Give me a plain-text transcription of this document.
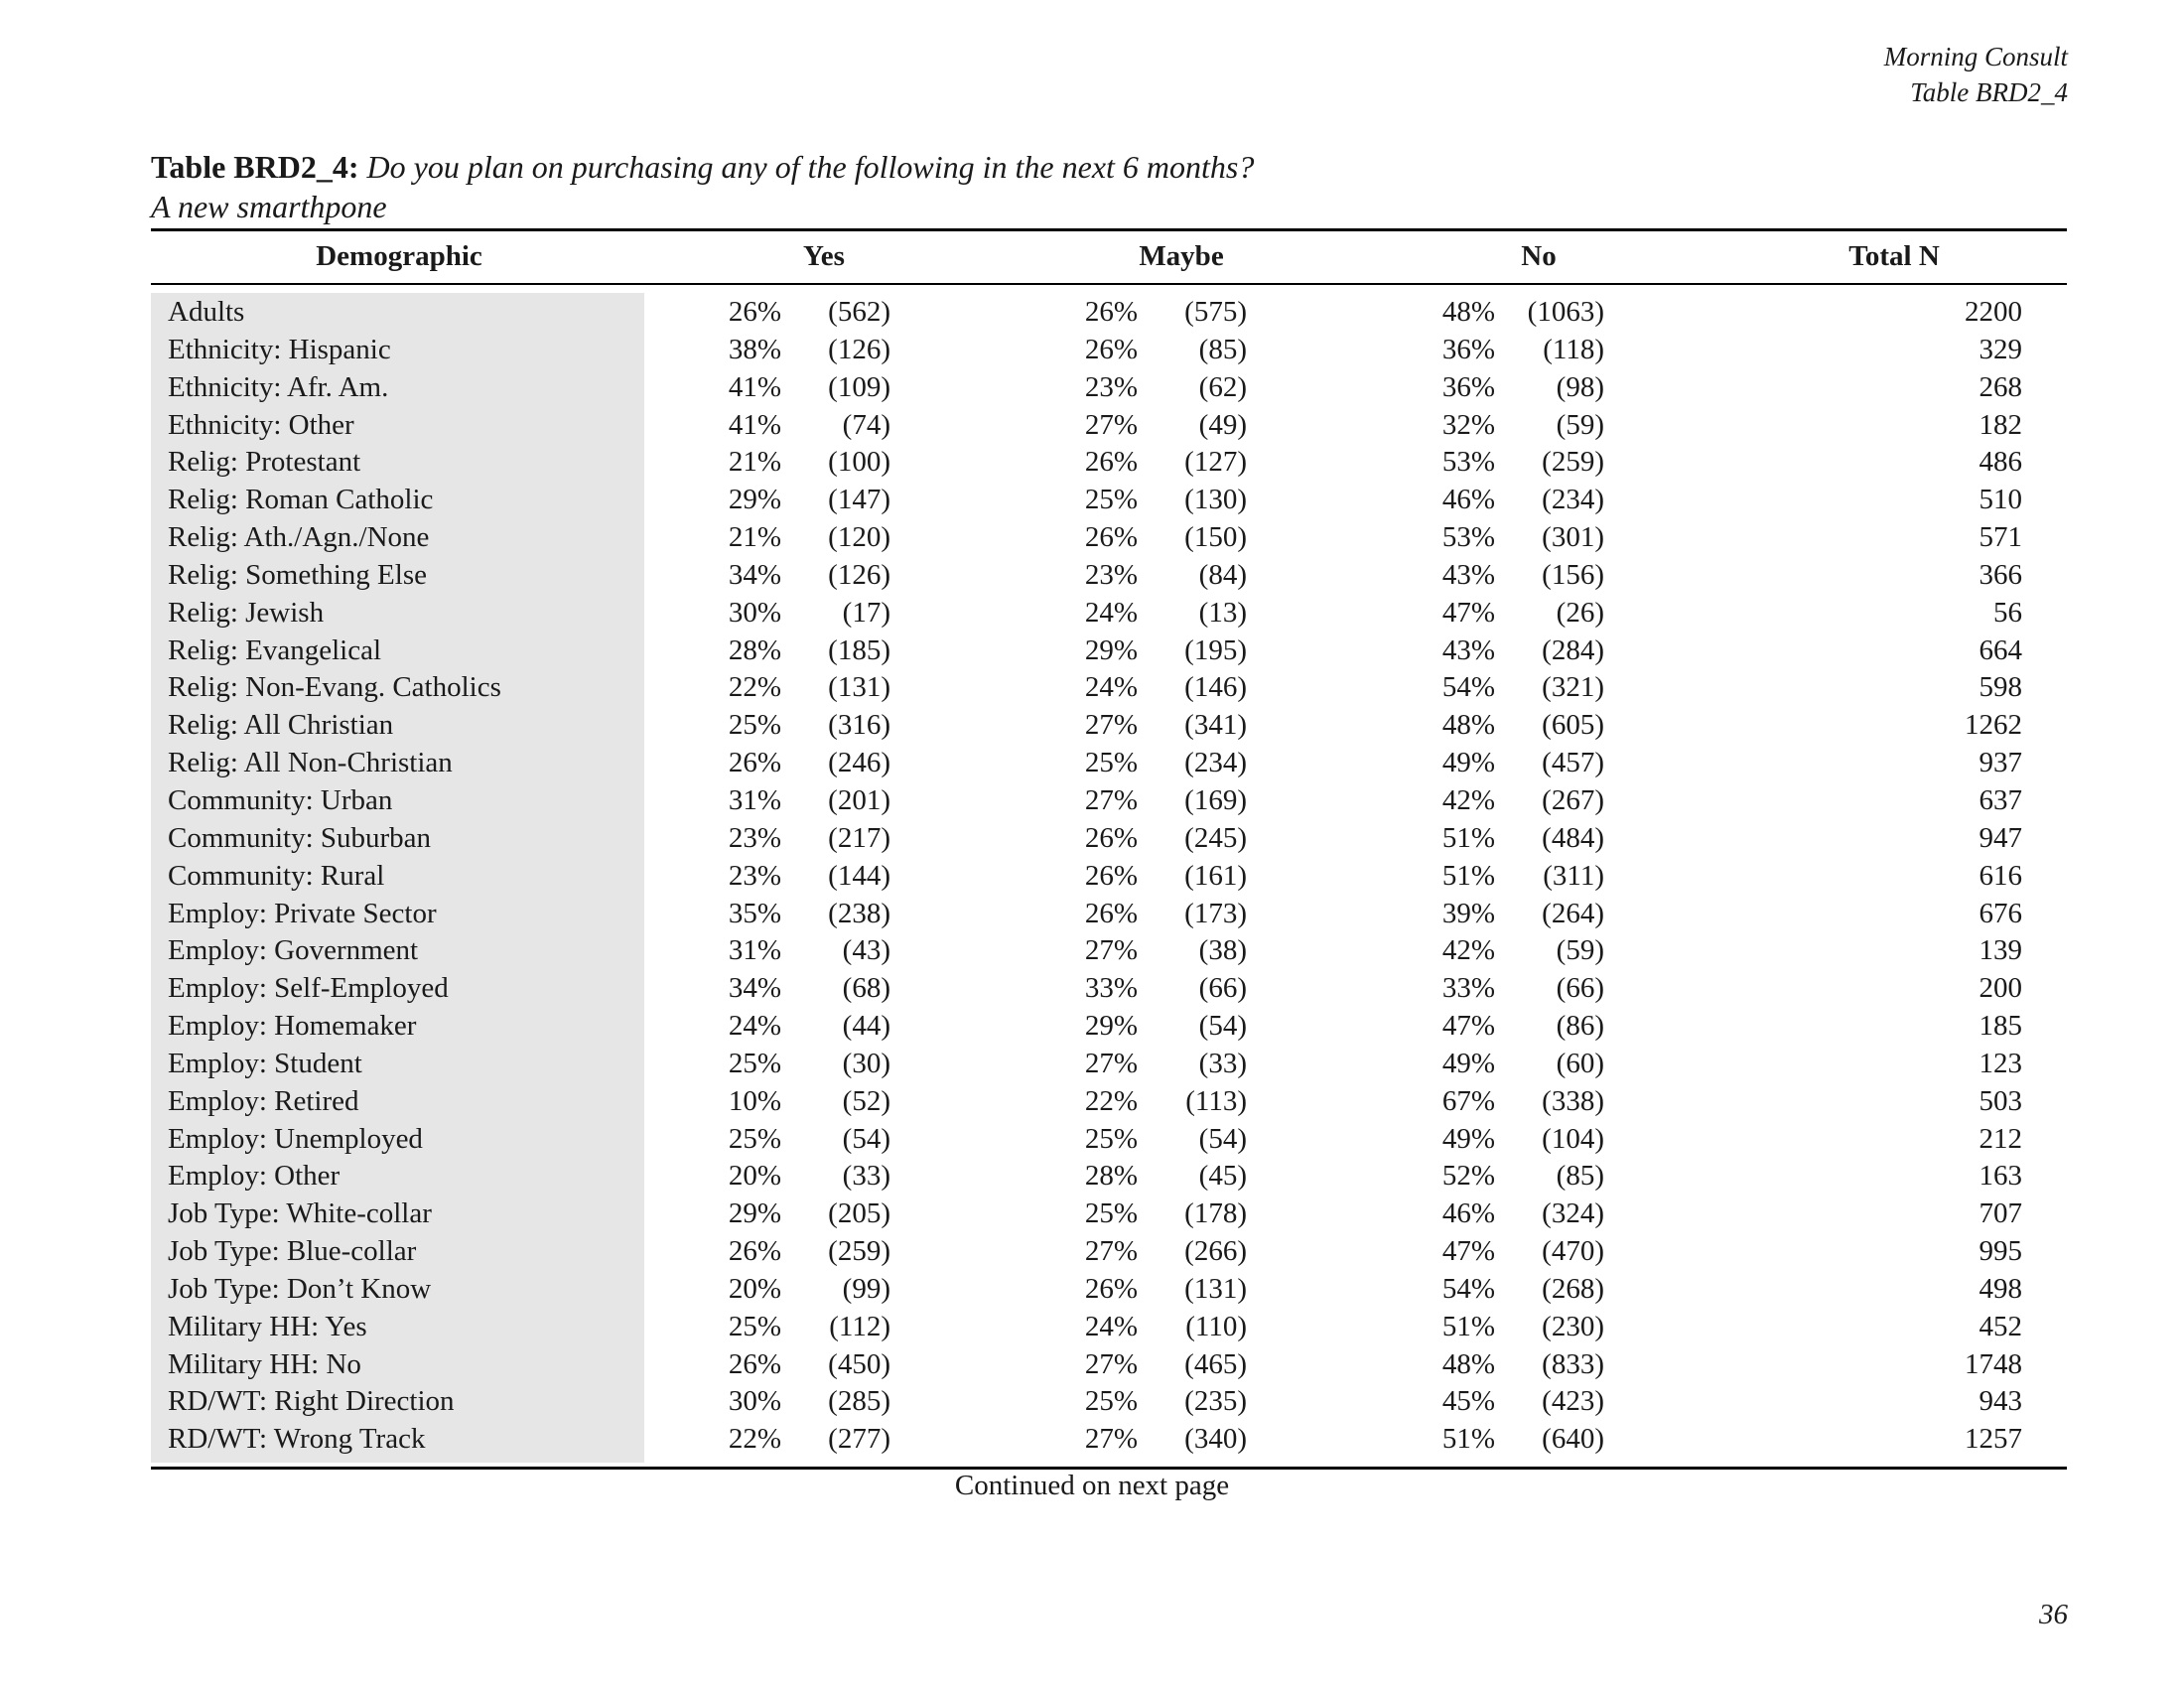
Morning Consult
Table BRD2_4
Table BRD2_4: Do you plan on purchasing any of the following in the next 6 months?
A new smarthpone
Demographic	Yes	Maybe	No	Total N
Adults	26% (562)	26% (575)	48% (1063)	2200
Ethnicity: Hispanic	38% (126)	26% (85)	36% (118)	329
Ethnicity: Afr. Am.	41% (109)	23% (62)	36% (98)	268
Ethnicity: Other	41% (74)	27% (49)	32% (59)	182
Relig: Protestant	21% (100)	26% (127)	53% (259)	486
Relig: Roman Catholic	29% (147)	25% (130)	46% (234)	510
Relig: Ath./Agn./None	21% (120)	26% (150)	53% (301)	571
Relig: Something Else	34% (126)	23% (84)	43% (156)	366
Relig: Jewish	30% (17)	24% (13)	47% (26)	56
Relig: Evangelical	28% (185)	29% (195)	43% (284)	664
Relig: Non-Evang. Catholics	22% (131)	24% (146)	54% (321)	598
Relig: All Christian	25% (316)	27% (341)	48% (605)	1262
Relig: All Non-Christian	26% (246)	25% (234)	49% (457)	937
Community: Urban	31% (201)	27% (169)	42% (267)	637
Community: Suburban	23% (217)	26% (245)	51% (484)	947
Community: Rural	23% (144)	26% (161)	51% (311)	616
Employ: Private Sector	35% (238)	26% (173)	39% (264)	676
Employ: Government	31% (43)	27% (38)	42% (59)	139
Employ: Self-Employed	34% (68)	33% (66)	33% (66)	200
Employ: Homemaker	24% (44)	29% (54)	47% (86)	185
Employ: Student	25% (30)	27% (33)	49% (60)	123
Employ: Retired	10% (52)	22% (113)	67% (338)	503
Employ: Unemployed	25% (54)	25% (54)	49% (104)	212
Employ: Other	20% (33)	28% (45)	52% (85)	163
Job Type: White-collar	29% (205)	25% (178)	46% (324)	707
Job Type: Blue-collar	26% (259)	27% (266)	47% (470)	995
Job Type: Don’t Know	20% (99)	26% (131)	54% (268)	498
Military HH: Yes	25% (112)	24% (110)	51% (230)	452
Military HH: No	26% (450)	27% (465)	48% (833)	1748
RD/WT: Right Direction	30% (285)	25% (235)	45% (423)	943
RD/WT: Wrong Track	22% (277)	27% (340)	51% (640)	1257
Continued on next page
36
